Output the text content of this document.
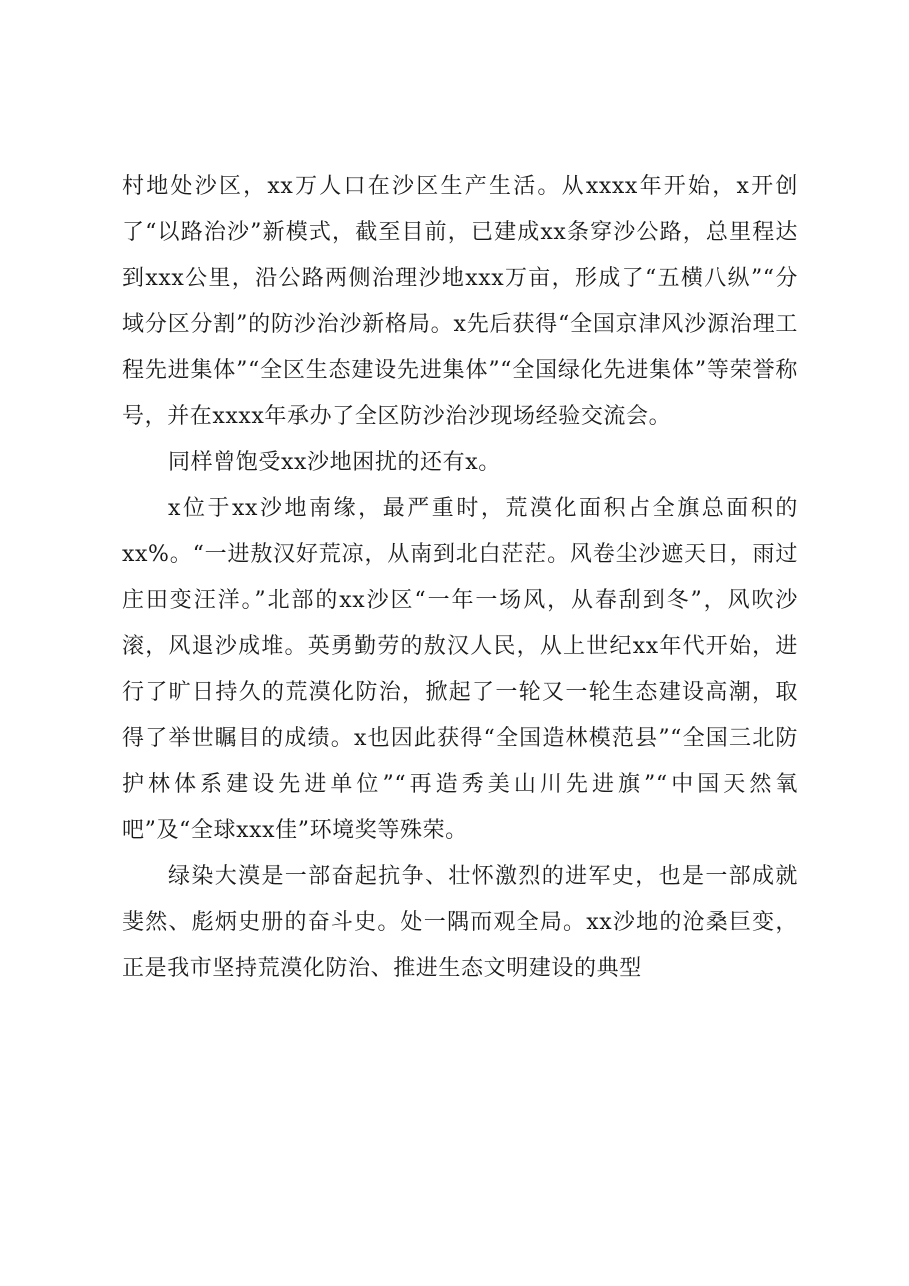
村地处沙区，xx万人口在沙区生产生活。从xxxx年开始，x开创了“以路治沙”新模式，截至目前，已建成xx条穿沙公路，总里程达到xxx公里，沿公路两侧治理沙地xxx万亩，形成了“五横八纵”“分域分区分割”的防沙治沙新格局。x先后获得“全国京津风沙源治理工程先进集体”“全区生态建设先进集体”“全国绿化先进集体”等荣誉称号，并在xxxx年承办了全区防沙治沙现场经验交流会。

同样曾饱受xx沙地困扰的还有x。

x位于xx沙地南缘，最严重时，荒漠化面积占全旗总面积的xx%。“一进敖汉好荒凉，从南到北白茫茫。风卷尘沙遮天日，雨过庄田变汪洋。”北部的xx沙区“一年一场风，从春刮到冬”，风吹沙滚，风退沙成堆。英勇勤劳的敖汉人民，从上世纪xx年代开始，进行了旷日持久的荒漠化防治，掀起了一轮又一轮生态建设高潮，取得了举世瞩目的成绩。x也因此获得“全国造林模范县”“全国三北防护林体系建设先进单位”“再造秀美山川先进旗”“中国天然氧吧”及“全球xxx佳”环境奖等殊荣。

绿染大漠是一部奋起抗争、壮怀激烈的进军史，也是一部成就斐然、彪炳史册的奋斗史。处一隅而观全局。xx沙地的沧桑巨变，正是我市坚持荒漠化防治、推进生态文明建设的典型
